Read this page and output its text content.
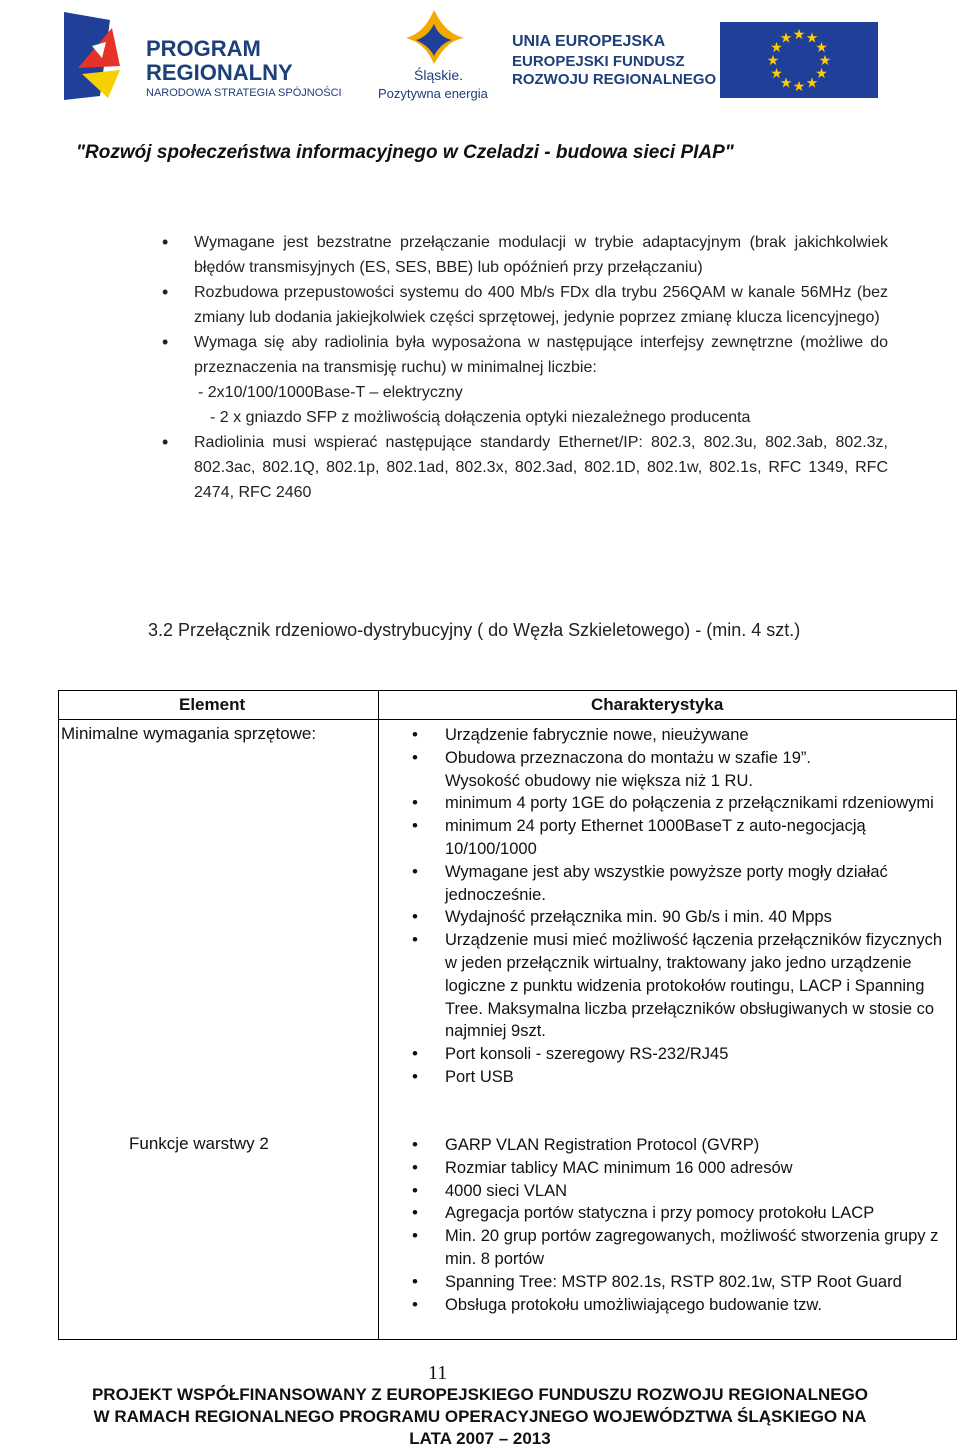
PROGRAM
REGIONALNY
NARODOWA STRATEGIA SPÓJNOŚCI
Śląskie.
Pozytywna energia
UNIA EUROPEJSKA
EUROPEJSKI FUNDUSZ
ROZWOJU REGIONALNEGO
★ ★
★
★
★
★
★
★
★
★
★
★
"Rozwój społeczeństwa informacyjnego w Czeladzi - budowa sieci PIAP"
• Wymagane jest bezstratne przełączanie modulacji w trybie adaptacyjnym (brak jakichkolwiek błędów transmisyjnych (ES, SES, BBE) lub opóźnień przy przełączaniu)
• Rozbudowa przepustowości systemu do 400 Mb/s FDx dla trybu 256QAM w kanale 56MHz (bez zmiany lub dodania jakiejkolwiek części sprzętowej, jedynie poprzez zmianę klucza licencyjnego)
• Wymaga się aby radiolinia była wyposażona w następujące interfejsy zewnętrzne (możliwe do przeznaczenia na transmisję ruchu) w minimalnej liczbie:
- 2x10/100/1000Base-T – elektryczny
- 2 x gniazdo SFP z możliwością dołączenia optyki niezależnego producenta
• Radiolinia musi wspierać następujące standardy Ethernet/IP: 802.3, 802.3u, 802.3ab, 802.3z, 802.3ac, 802.1Q, 802.1p, 802.1ad, 802.3x, 802.3ad, 802.1D, 802.1w, 802.1s, RFC 1349, RFC 2474, RFC 2460
3.2 Przełącznik rdzeniowo-dystrybucyjny ( do Węzła Szkieletowego) - (min. 4 szt.)
Element	Charakterystyka
Minimalne wymagania sprzętowe:	• Urządzenie fabrycznie nowe, nieużywane
• Obudowa przeznaczona do montażu w szafie 19”.
Wysokość obudowy nie większa niż 1 RU.
• minimum 4 porty 1GE do połączenia z przełącznikami rdzeniowymi
• minimum 24 porty Ethernet 1000BaseT z auto-negocjacją 10/100/1000
• Wymagane jest aby wszystkie powyższe porty mogły działać jednocześnie.
• Wydajność przełącznika min. 90 Gb/s i min. 40 Mpps
• Urządzenie musi mieć możliwość łączenia przełączników fizycznych w jeden przełącznik wirtualny, traktowany jako jedno urządzenie logiczne z punktu widzenia protokołów routingu, LACP i Spanning Tree. Maksymalna liczba przełączników obsługiwanych w stosie co najmniej 9szt.
• Port konsoli - szeregowy RS-232/RJ45
• Port USB
Funkcje warstwy 2	• GARP VLAN Registration Protocol (GVRP)
• Rozmiar tablicy MAC minimum 16 000 adresów
• 4000 sieci VLAN
• Agregacja portów statyczna i przy pomocy protokołu LACP
• Min. 20 grup portów zagregowanych, możliwość stworzenia grupy z min. 8 portów
• Spanning Tree: MSTP 802.1s, RSTP 802.1w, STP Root Guard
• Obsługa protokołu umożliwiającego budowanie tzw.
11
PROJEKT WSPÓŁFINANSOWANY Z EUROPEJSKIEGO FUNDUSZU ROZWOJU REGIONALNEGO
W RAMACH REGIONALNEGO PROGRAMU OPERACYJNEGO WOJEWÓDZTWA ŚLĄSKIEGO NA
LATA 2007 – 2013
